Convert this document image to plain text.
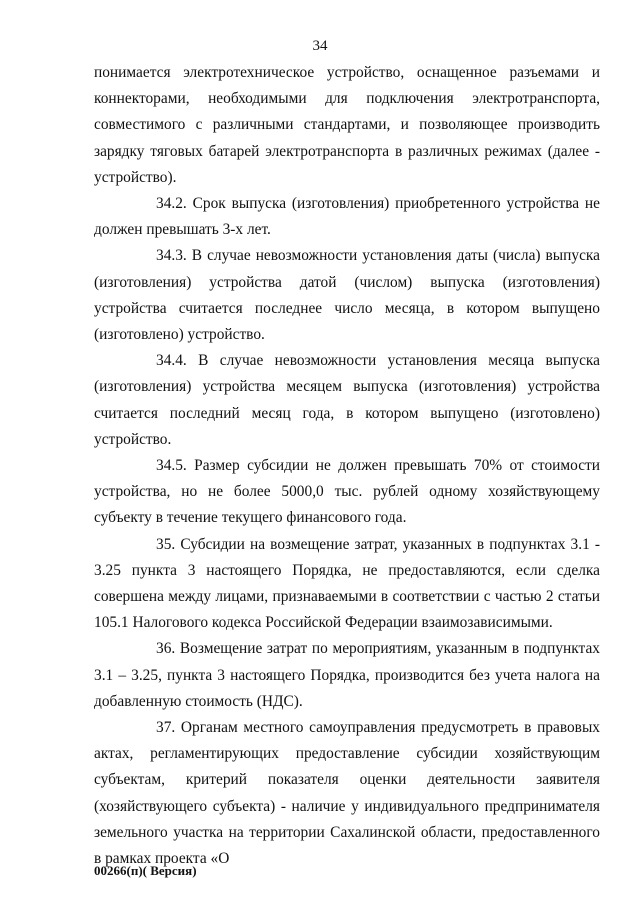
34

понимается электротехническое устройство, оснащенное разъемами и коннекторами, необходимыми для подключения электротранспорта, совместимого с различными стандартами, и позволяющее производить зарядку тяговых батарей электротранспорта в различных режимах (далее - устройство).

34.2. Срок выпуска (изготовления) приобретенного устройства не должен превышать 3-х лет.

34.3. В случае невозможности установления даты (числа) выпуска (изготовления) устройства датой (числом) выпуска (изготовления) устройства считается последнее число месяца, в котором выпущено (изготовлено) устройство.

34.4. В случае невозможности установления месяца выпуска (изготовления) устройства месяцем выпуска (изготовления) устройства считается последний месяц года, в котором выпущено (изготовлено) устройство.

34.5. Размер субсидии не должен превышать 70% от стоимости устройства, но не более 5000,0 тыс. рублей одному хозяйствующему субъекту в течение текущего финансового года.

35. Субсидии на возмещение затрат, указанных в подпунктах 3.1 - 3.25 пункта 3 настоящего Порядка, не предоставляются, если сделка совершена между лицами, признаваемыми в соответствии с частью 2 статьи 105.1 Налогового кодекса Российской Федерации взаимозависимыми.

36. Возмещение затрат по мероприятиям, указанным в подпунктах 3.1 – 3.25, пункта 3 настоящего Порядка, производится без учета налога на добавленную стоимость (НДС).

37. Органам местного самоуправления предусмотреть в правовых актах, регламентирующих предоставление субсидии хозяйствующим субъектам, критерий показателя оценки деятельности заявителя (хозяйствующего субъекта) - наличие у индивидуального предпринимателя земельного участка на территории Сахалинской области, предоставленного в рамках проекта «О

00266(п)( Версия)
